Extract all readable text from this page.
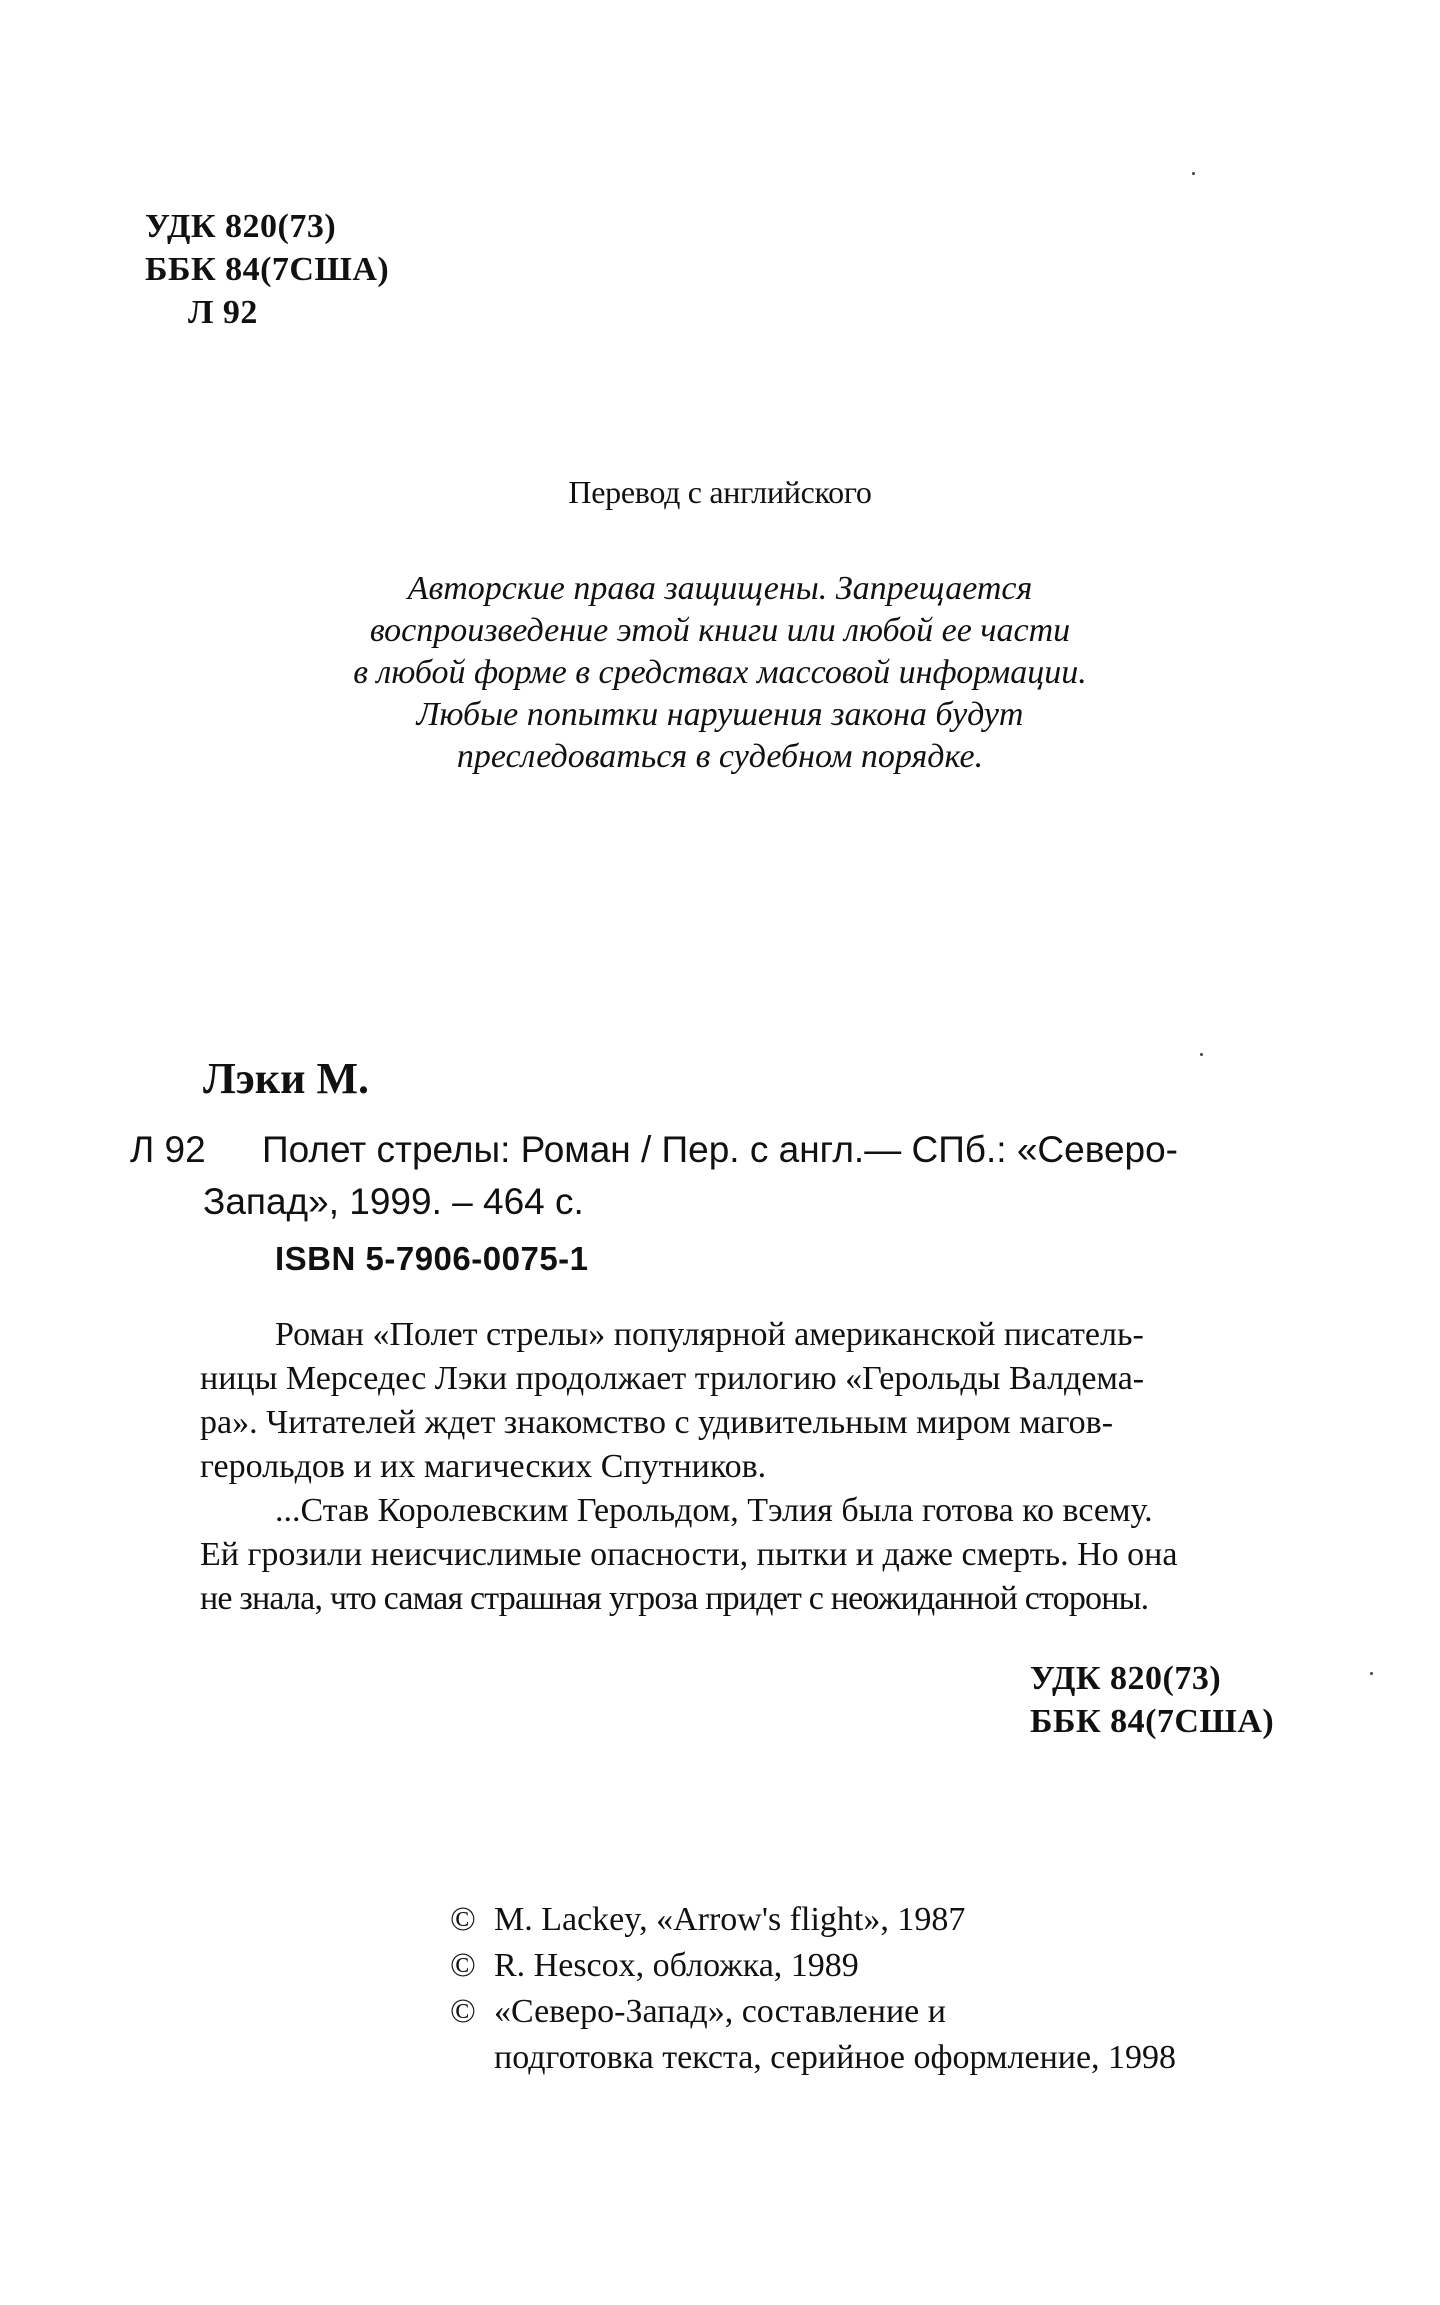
УДК 820(73)
ББК 84(7США)
Л 92
Перевод с английского
Авторские права защищены. Запрещается
воспроизведение этой книги или любой ее части
в любой форме в средствах массовой информации.
Любые попытки нарушения закона будут
преследоваться в судебном порядке.
Лэки М.
Л 92 Полет стрелы: Роман / Пер. с англ.— СПб.: «Северо-
Запад», 1999. – 464 с.
ISBN 5-7906-0075-1
Роман «Полет стрелы» популярной американской писатель-
ницы Мерседес Лэки продолжает трилогию «Герольды Валдема-
ра». Читателей ждет знакомство с удивительным миром магов-
герольдов и их магических Спутников.
...Став Королевским Герольдом, Тэлия была готова ко всему.
Ей грозили неисчислимые опасности, пытки и даже смерть. Но она
не знала, что самая страшная угроза придет с неожиданной стороны.
УДК 820(73)
ББК 84(7США)
© M. Lackey, «Arrow's flight», 1987
© R. Hescox, обложка, 1989
© «Северо-Запад», составление и
подготовка текста, серийное оформление, 1998
